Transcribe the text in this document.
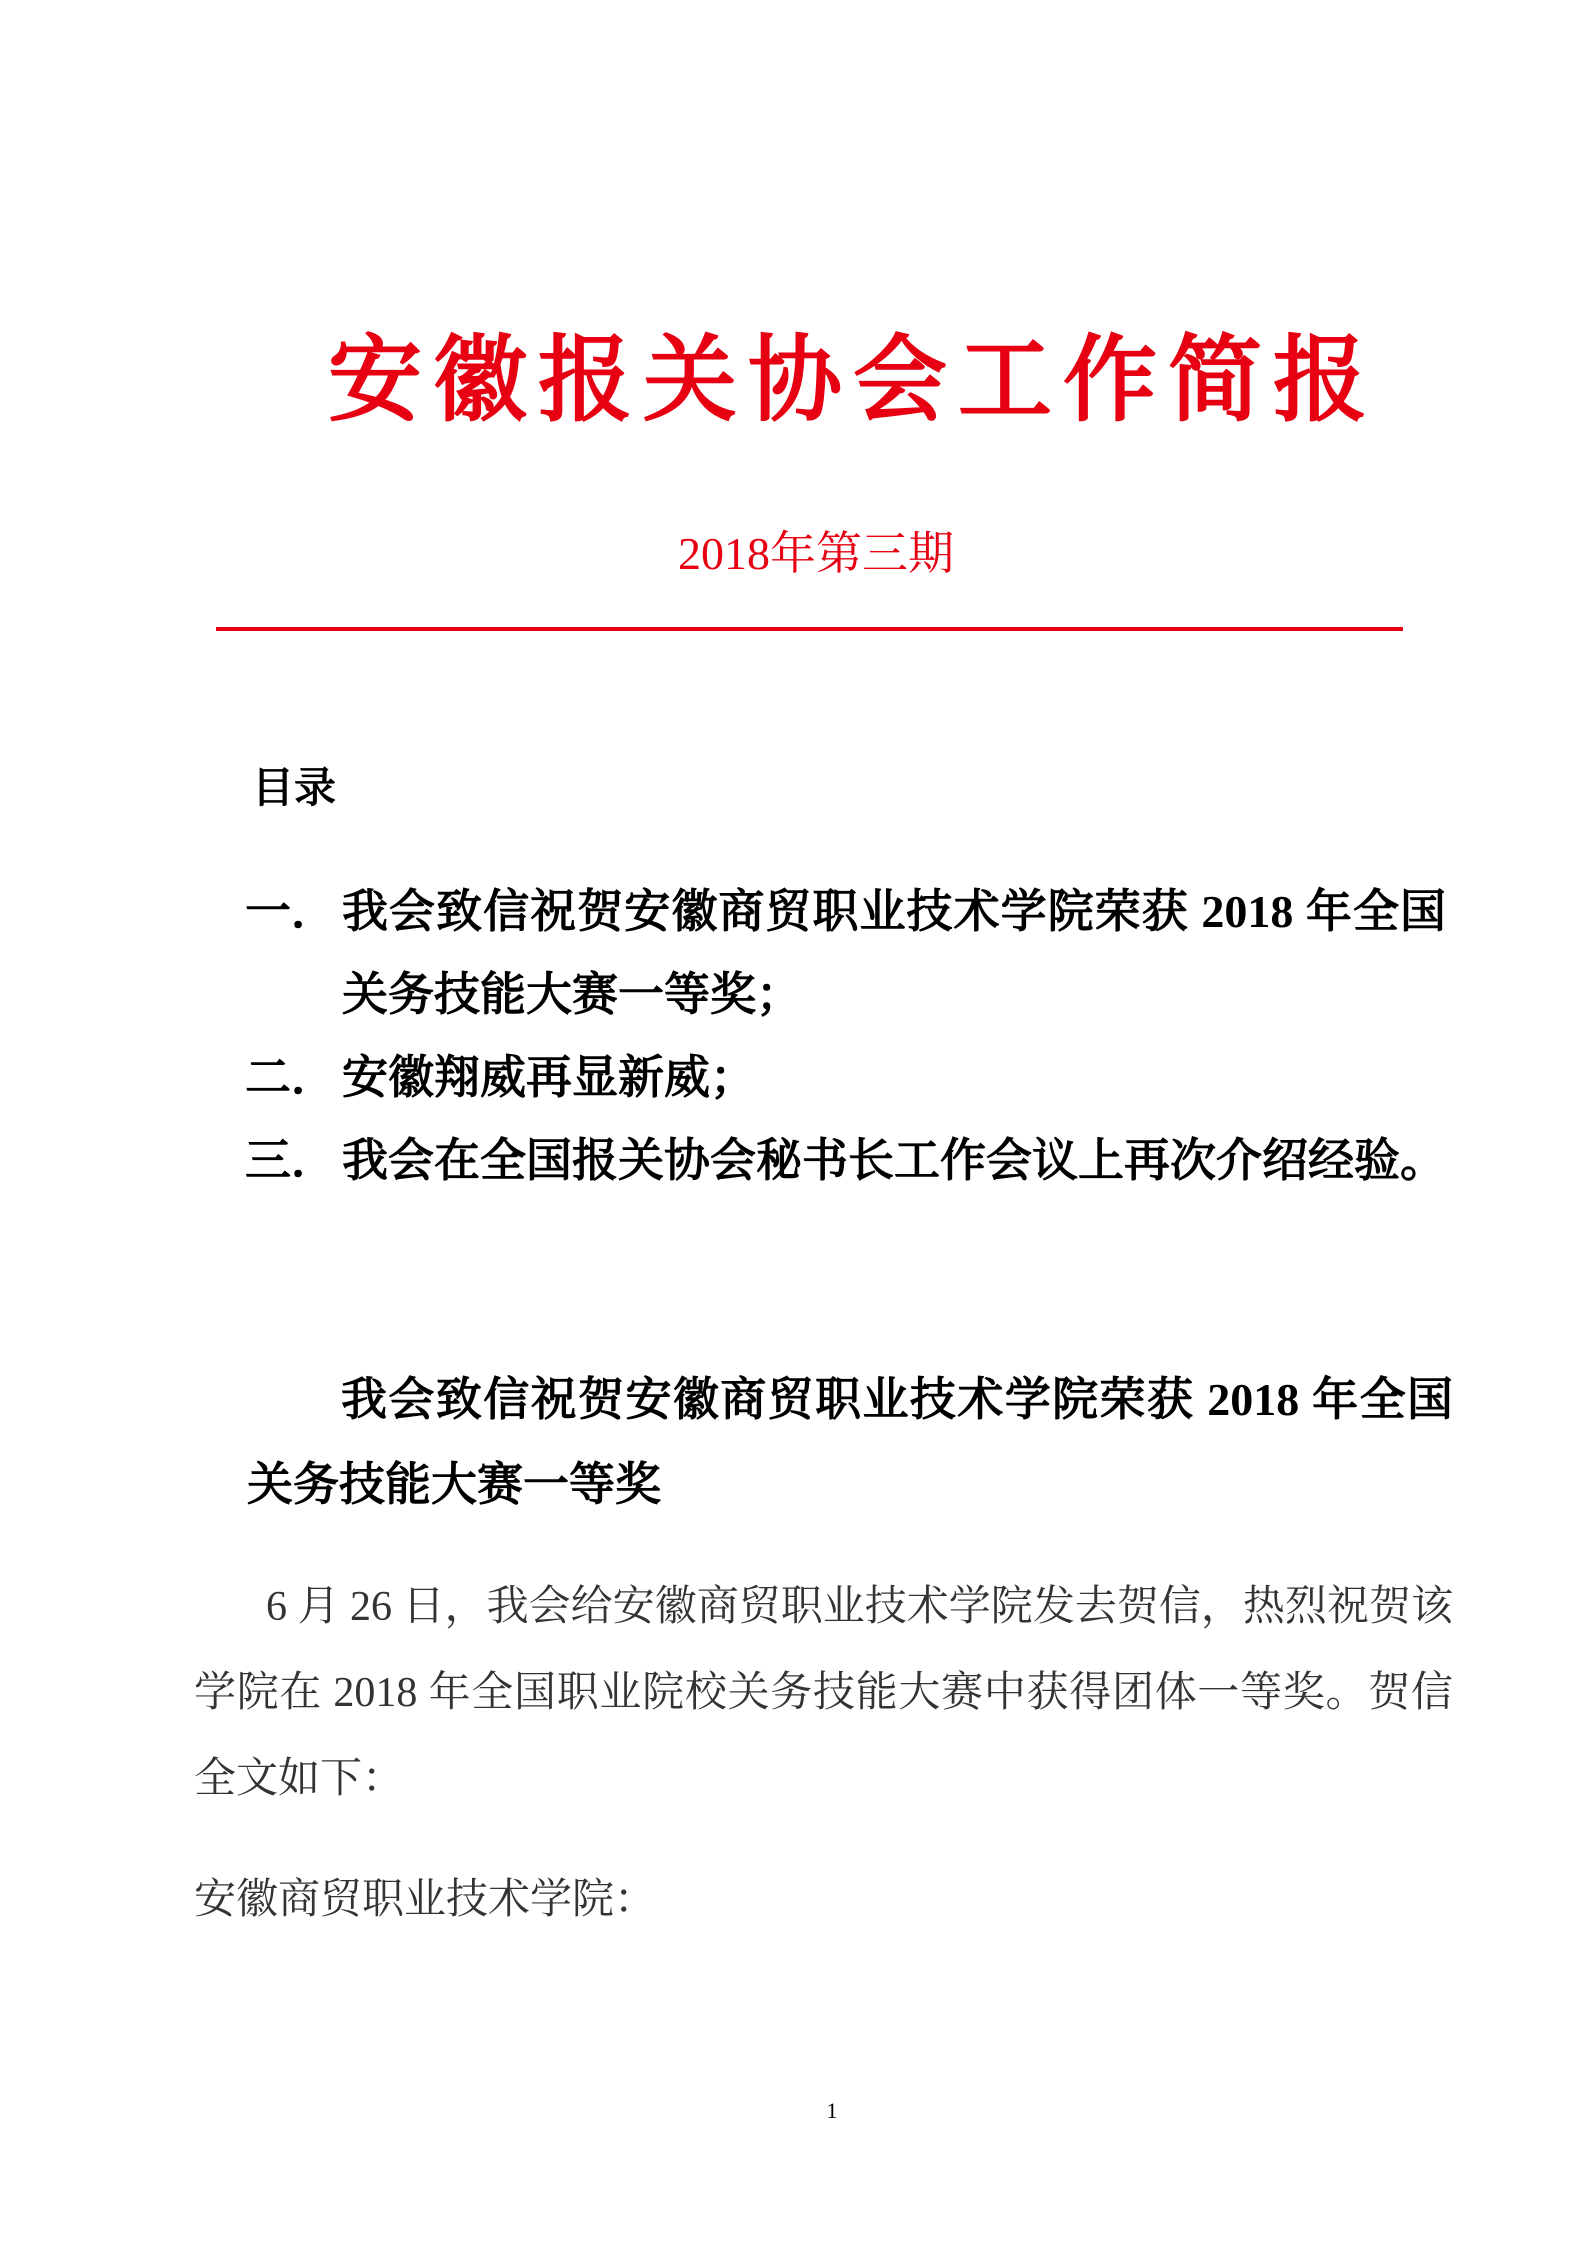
安徽报关协会工作简报
2018年第三期
目录
一． 我会致信祝贺安徽商贸职业技术学院荣获 2018 年全国
关务技能大赛一等奖；
二． 安徽翔威再显新威；
三． 我会在全国报关协会秘书长工作会议上再次介绍经验。
我会致信祝贺安徽商贸职业技术学院荣获 2018 年全国
关务技能大赛一等奖
6 月 26 日，我会给安徽商贸职业技术学院发去贺信，热烈祝贺该
学院在 2018 年全国职业院校关务技能大赛中获得团体一等奖。贺信
全文如下：
安徽商贸职业技术学院：
1
